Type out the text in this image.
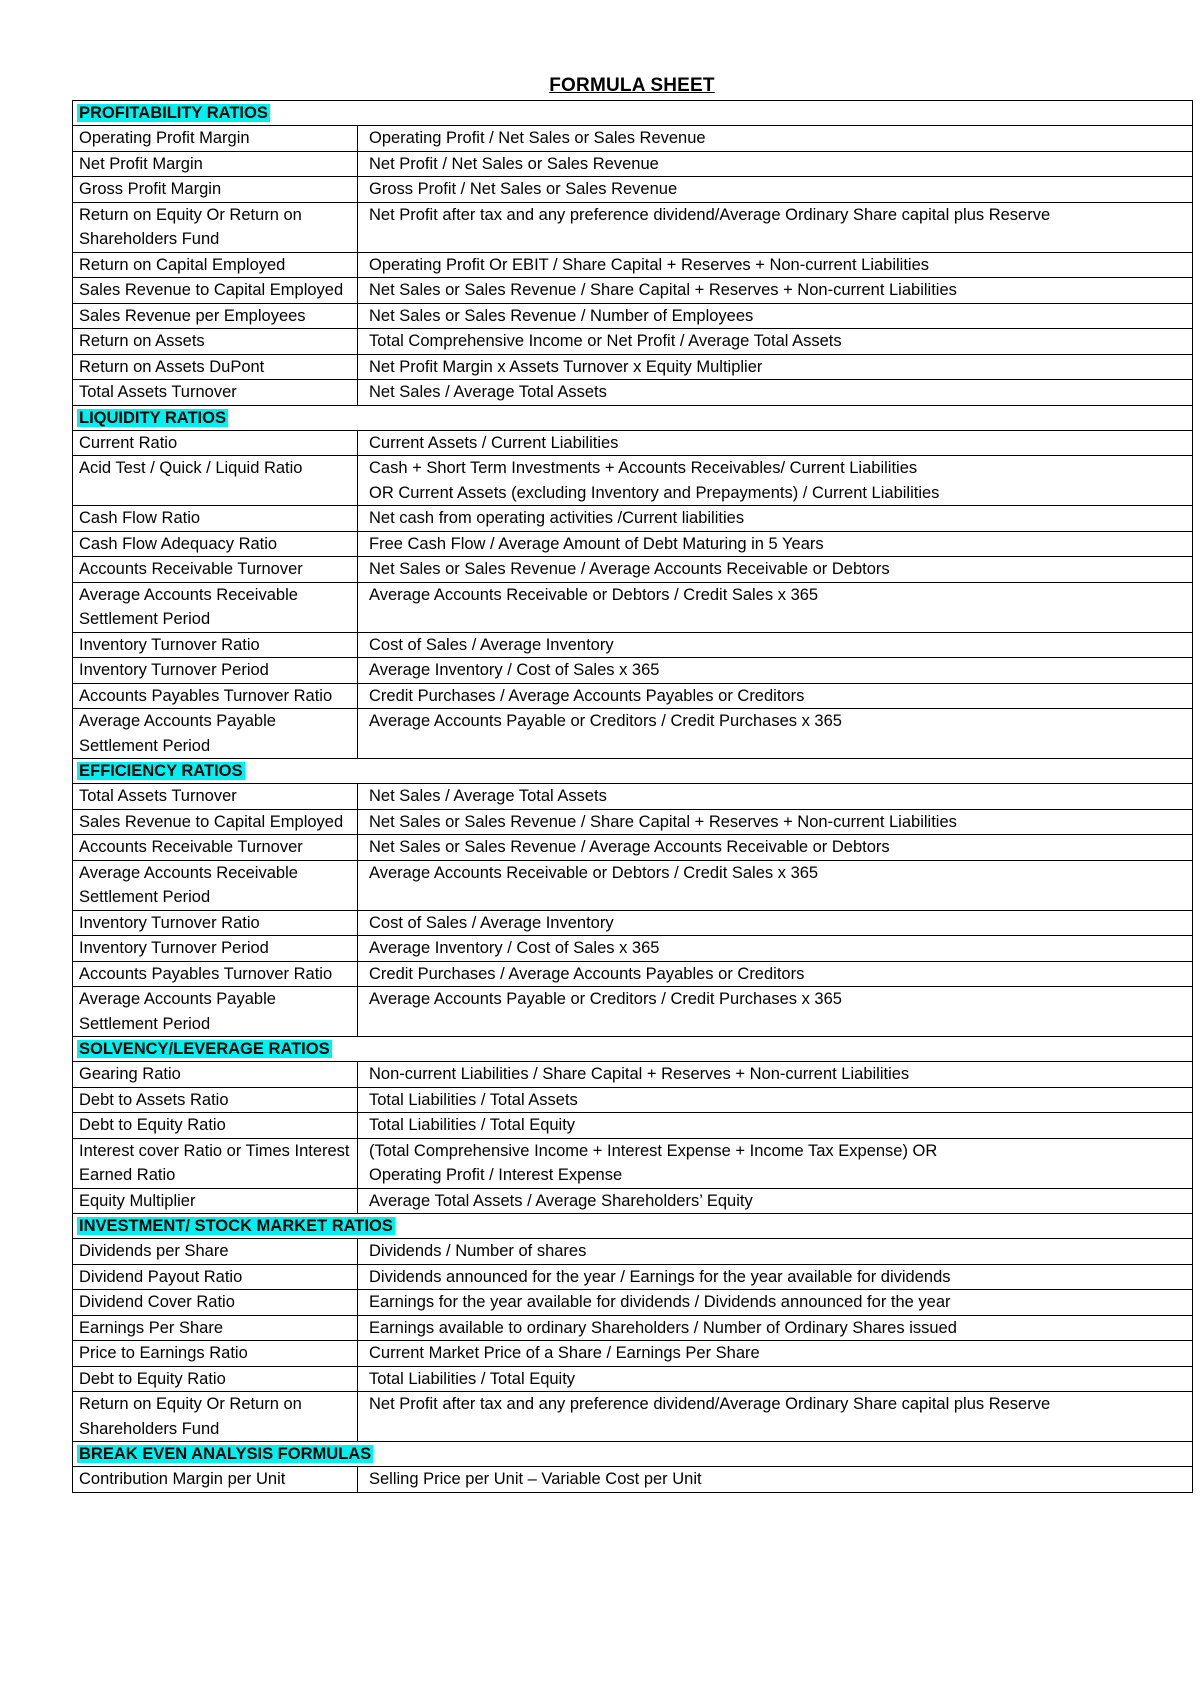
FORMULA SHEET
PROFITABILITY RATIOS	
Operating Profit Margin	Operating Profit / Net Sales or Sales Revenue

Net Profit Margin	Net Profit / Net Sales or Sales Revenue

Gross Profit Margin	Gross Profit / Net Sales or Sales Revenue

Return on Equity Or Return on Shareholders Fund	Net Profit after tax and any preference dividend/Average Ordinary Share capital plus Reserve

Return on Capital Employed	Operating Profit Or EBIT / Share Capital + Reserves + Non-current Liabilities

Sales Revenue to Capital Employed	Net Sales or Sales Revenue / Share Capital + Reserves + Non-current Liabilities

Sales Revenue per Employees	Net Sales or Sales Revenue / Number of Employees

Return on Assets	Total Comprehensive Income or Net Profit / Average Total Assets

Return on Assets DuPont	Net Profit Margin x Assets Turnover x Equity Multiplier

Total Assets Turnover	Net Sales / Average Total Assets

LIQUIDITY RATIOS	
Current Ratio	Current Assets / Current Liabilities

Acid Test / Quick / Liquid Ratio	Cash + Short Term Investments + Accounts Receivables/ Current Liabilities
OR Current Assets (excluding Inventory and Prepayments) / Current Liabilities

Cash Flow Ratio	Net cash from operating activities /Current liabilities

Cash Flow Adequacy Ratio	Free Cash Flow / Average Amount of Debt Maturing in 5 Years

Accounts Receivable Turnover	Net Sales or Sales Revenue / Average Accounts Receivable or Debtors

Average Accounts Receivable Settlement Period	Average Accounts Receivable or Debtors / Credit Sales x 365

Inventory Turnover Ratio	Cost of Sales / Average Inventory

Inventory Turnover Period	Average Inventory / Cost of Sales x 365

Accounts Payables Turnover Ratio	Credit Purchases / Average Accounts Payables or Creditors

Average Accounts Payable Settlement Period	Average Accounts Payable or Creditors / Credit Purchases x 365

EFFICIENCY RATIOS	
Total Assets Turnover	Net Sales / Average Total Assets

Sales Revenue to Capital Employed	Net Sales or Sales Revenue / Share Capital + Reserves + Non-current Liabilities

Accounts Receivable Turnover	Net Sales or Sales Revenue / Average Accounts Receivable or Debtors

Average Accounts Receivable Settlement Period	Average Accounts Receivable or Debtors / Credit Sales x 365

Inventory Turnover Ratio	Cost of Sales / Average Inventory

Inventory Turnover Period	Average Inventory / Cost of Sales x 365

Accounts Payables Turnover Ratio	Credit Purchases / Average Accounts Payables or Creditors

Average Accounts Payable Settlement Period	Average Accounts Payable or Creditors / Credit Purchases x 365

SOLVENCY/LEVERAGE RATIOS	
Gearing Ratio	Non-current Liabilities / Share Capital + Reserves + Non-current Liabilities

Debt to Assets Ratio	Total Liabilities / Total Assets

Debt to Equity Ratio	Total Liabilities / Total Equity

Interest cover Ratio or Times Interest Earned Ratio	(Total Comprehensive Income + Interest Expense + Income Tax Expense) OR
Operating Profit / Interest Expense

Equity Multiplier	Average Total Assets / Average Shareholders’ Equity

INVESTMENT/ STOCK MARKET RATIOS	
Dividends per Share	Dividends / Number of shares

Dividend Payout Ratio	Dividends announced for the year / Earnings for the year available for dividends

Dividend Cover Ratio	Earnings for the year available for dividends / Dividends announced for the year

Earnings Per Share	Earnings available to ordinary Shareholders / Number of Ordinary Shares issued

Price to Earnings Ratio	Current Market Price of a Share / Earnings Per Share

Debt to Equity Ratio	Total Liabilities / Total Equity

Return on Equity Or Return on Shareholders Fund	Net Profit after tax and any preference dividend/Average Ordinary Share capital plus Reserve

BREAK EVEN ANALYSIS FORMULAS	
Contribution Margin per Unit	Selling Price per Unit – Variable Cost per Unit
